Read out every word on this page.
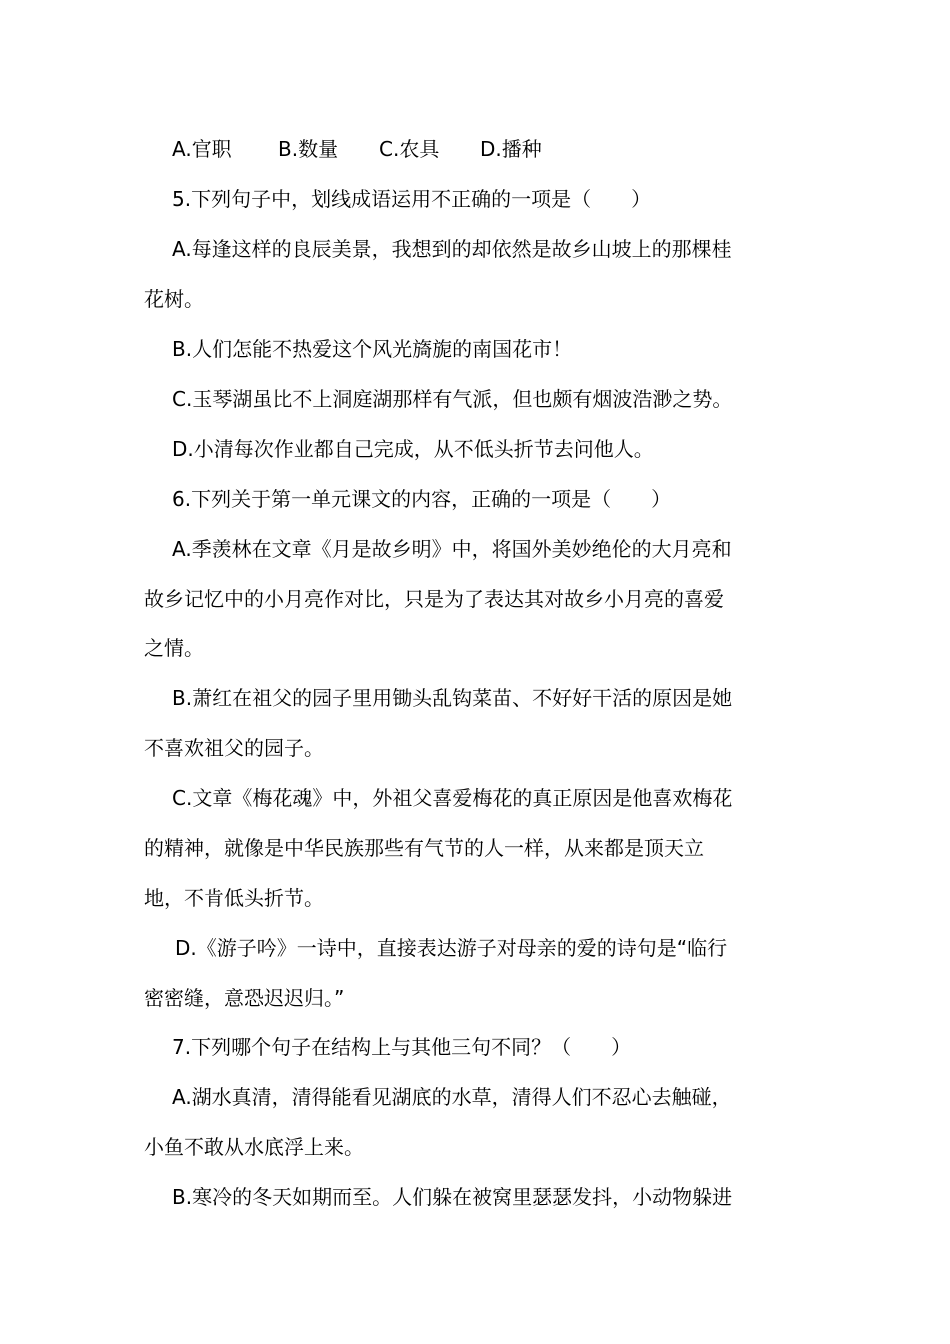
A.官职 B.数量 C.农具 D.播种
5.下列句子中，划线成语运用不正确的一项是（　　）
A.每逢这样的良辰美景，我想到的却依然是故乡山坡上的那棵桂
花树。
B.人们怎能不热爱这个风光旖旎的南国花市！
C.玉琴湖虽比不上洞庭湖那样有气派，但也颇有烟波浩渺之势。
D.小清每次作业都自己完成，从不低头折节去问他人。
6.下列关于第一单元课文的内容，正确的一项是（　　）
A.季羡林在文章《月是故乡明》中，将国外美妙绝伦的大月亮和
故乡记忆中的小月亮作对比，只是为了表达其对故乡小月亮的喜爱
之情。
B.萧红在祖父的园子里用锄头乱钩菜苗、不好好干活的原因是她
不喜欢祖父的园子。
C.文章《梅花魂》中，外祖父喜爱梅花的真正原因是他喜欢梅花
的精神，就像是中华民族那些有气节的人一样，从来都是顶天立
地，不肯低头折节。
D.《游子吟》一诗中，直接表达游子对母亲的爱的诗句是“临行
密密缝，意恐迟迟归。”
7.下列哪个句子在结构上与其他三句不同？（　　）
A.湖水真清，清得能看见湖底的水草，清得人们不忍心去触碰，
小鱼不敢从水底浮上来。
B.寒冷的冬天如期而至。人们躲在被窝里瑟瑟发抖，小动物躲进
